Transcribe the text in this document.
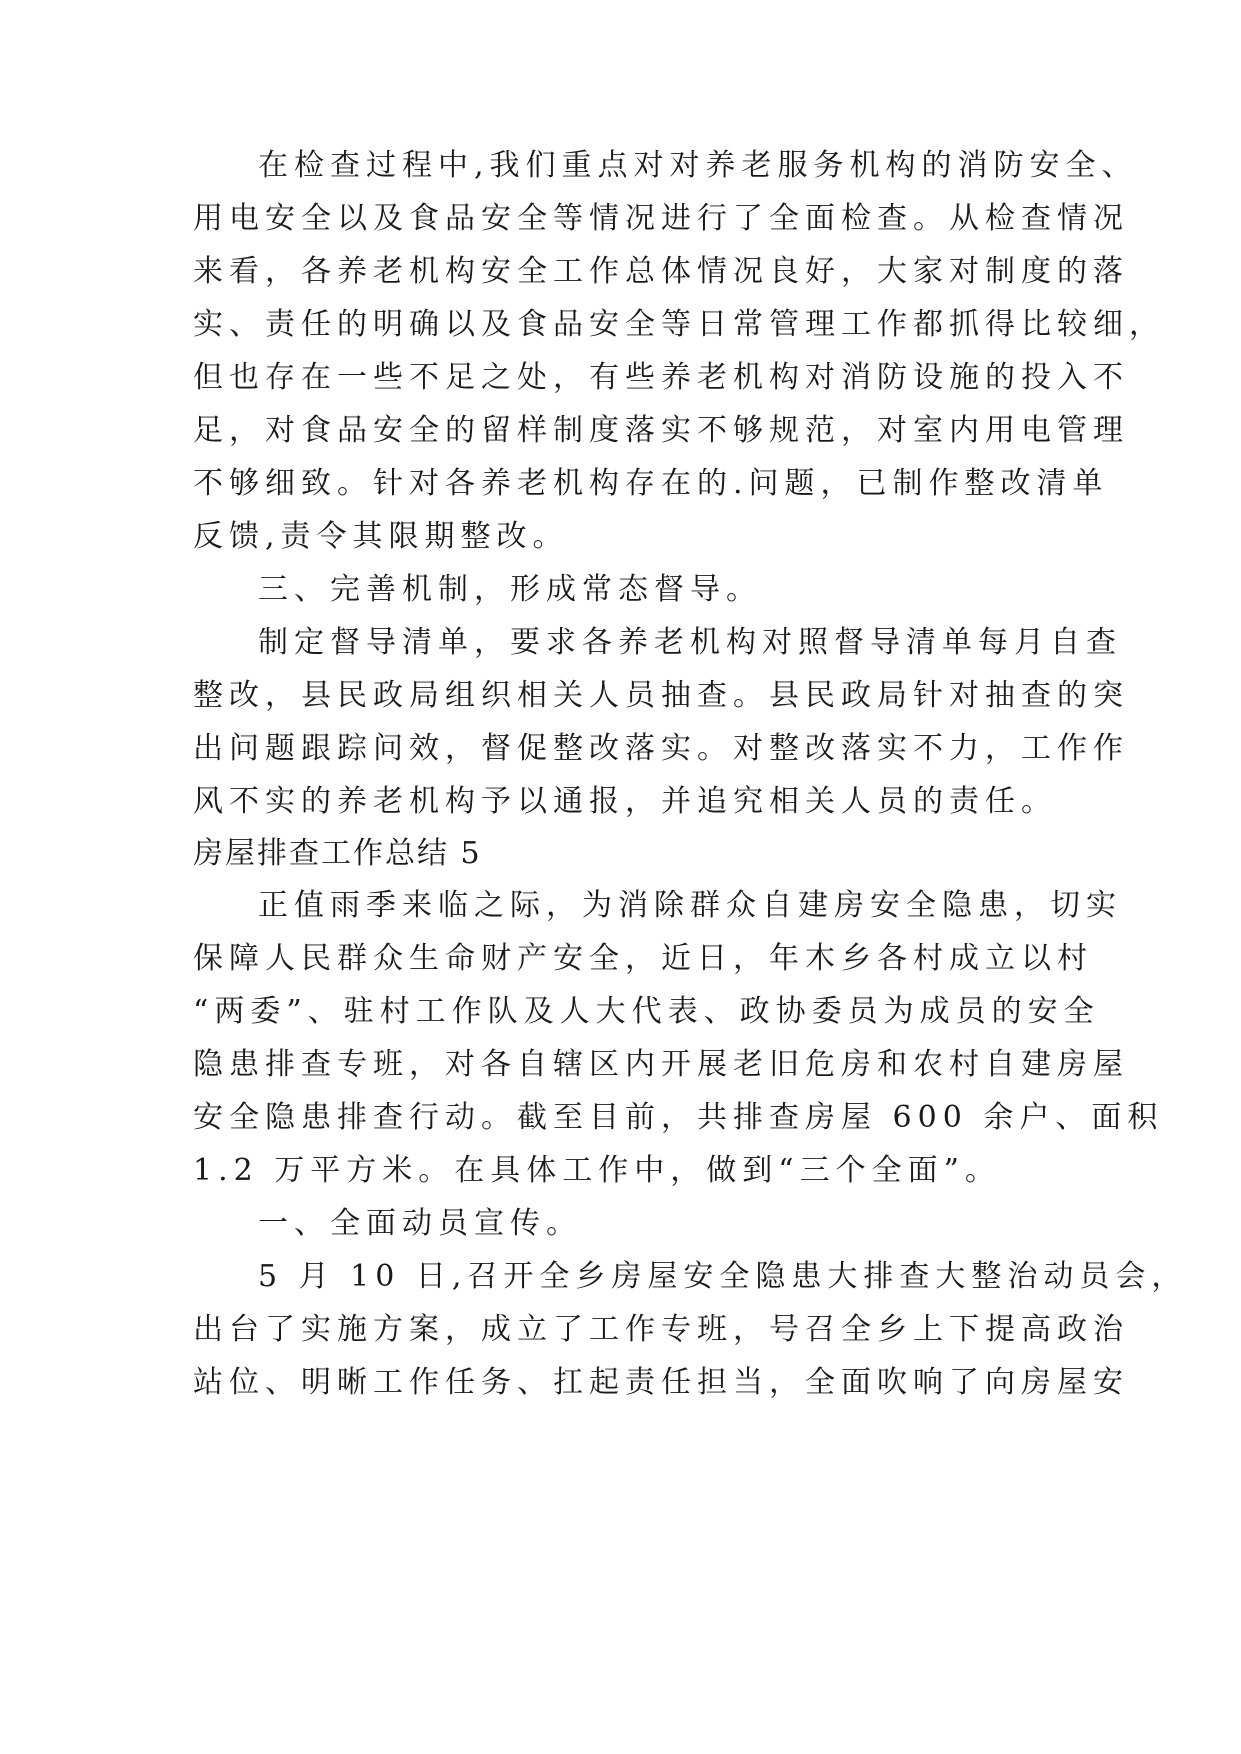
在检查过程中,我们重点对对养老服务机构的消防安全、
用电安全以及食品安全等情况进行了全面检查。从检查情况
来看，各养老机构安全工作总体情况良好，大家对制度的落
实、责任的明确以及食品安全等日常管理工作都抓得比较细，
但也存在一些不足之处，有些养老机构对消防设施的投入不
足，对食品安全的留样制度落实不够规范，对室内用电管理
不够细致。针对各养老机构存在的.问题，已制作整改清单
反馈,责令其限期整改。
三、完善机制，形成常态督导。
制定督导清单，要求各养老机构对照督导清单每月自查
整改，县民政局组织相关人员抽查。县民政局针对抽查的突
出问题跟踪问效，督促整改落实。对整改落实不力，工作作
风不实的养老机构予以通报，并追究相关人员的责任。
房屋排查工作总结 5
正值雨季来临之际，为消除群众自建房安全隐患，切实
保障人民群众生命财产安全，近日，年木乡各村成立以村
“两委”、驻村工作队及人大代表、政协委员为成员的安全
隐患排查专班，对各自辖区内开展老旧危房和农村自建房屋
安全隐患排查行动。截至目前，共排查房屋 600 余户、面积
1.2 万平方米。在具体工作中，做到“三个全面”。
一、全面动员宣传。
5 月 10 日,召开全乡房屋安全隐患大排查大整治动员会，
出台了实施方案，成立了工作专班，号召全乡上下提高政治
站位、明晰工作任务、扛起责任担当，全面吹响了向房屋安
